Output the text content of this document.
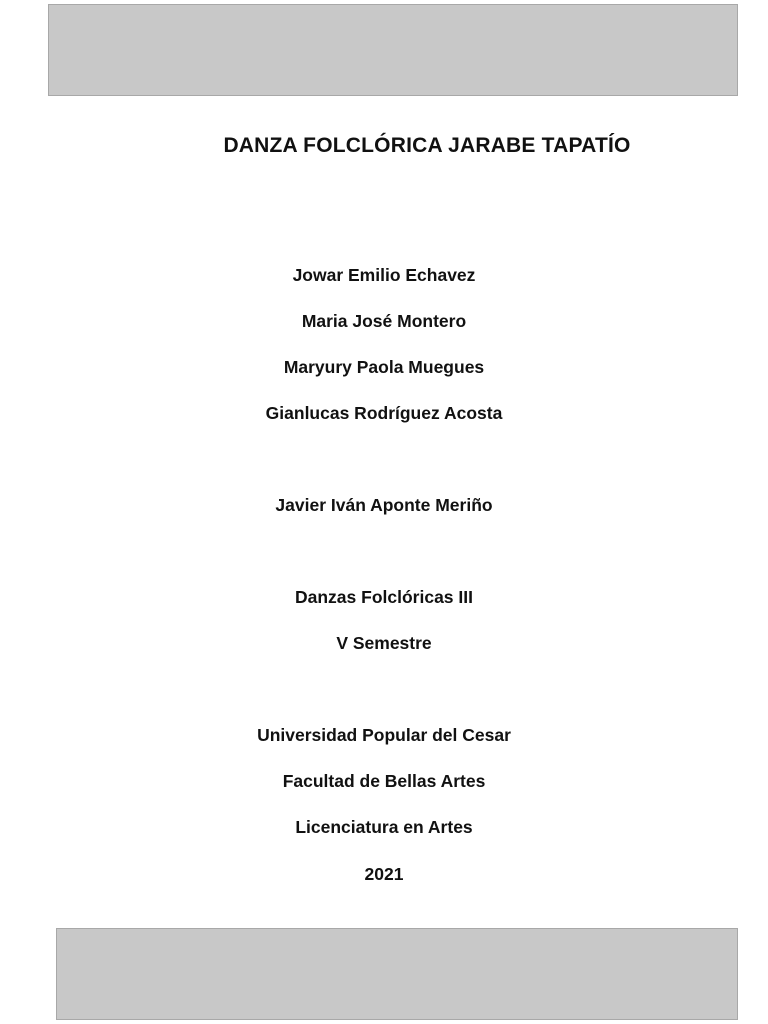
DANZA FOLCLÓRICA JARABE TAPATÍO
Jowar Emilio Echavez
Maria José Montero
Maryury Paola Muegues
Gianlucas Rodríguez Acosta
Javier Iván Aponte Meriño
Danzas Folclóricas III
V Semestre
Universidad Popular del Cesar
Facultad de Bellas Artes
Licenciatura en Artes
2021
